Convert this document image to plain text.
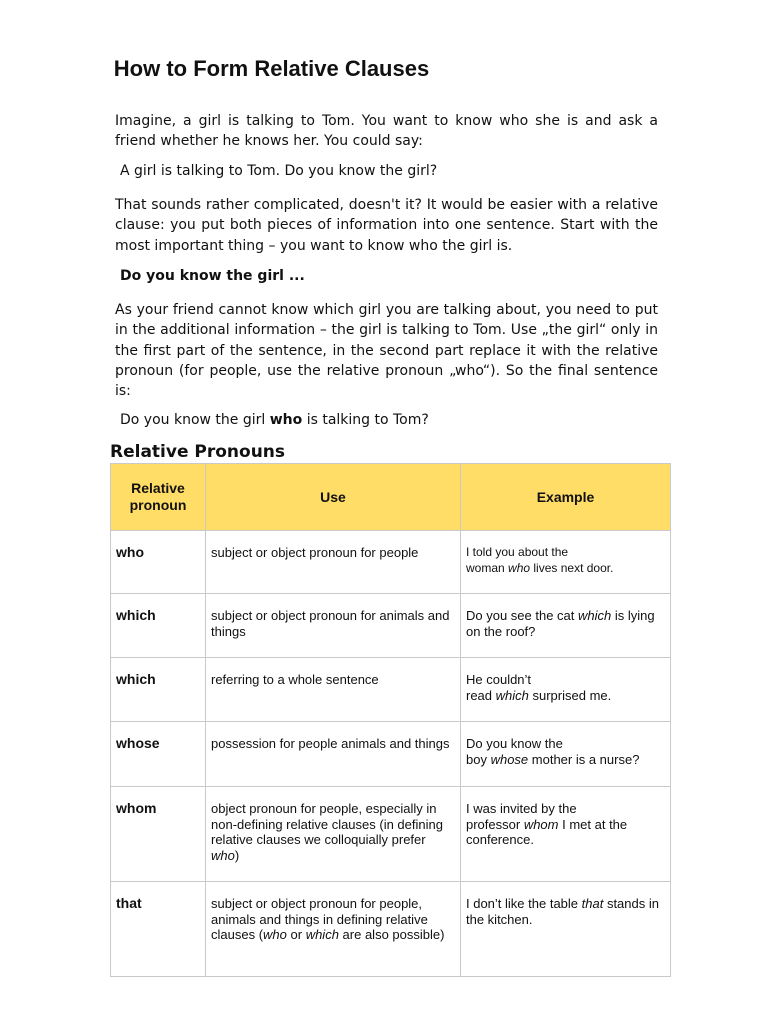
How to Form Relative Clauses

Imagine, a girl is talking to Tom. You want to know who she is and ask a friend whether he knows her. You could say:

A girl is talking to Tom. Do you know the girl?

That sounds rather complicated, doesn't it? It would be easier with a relative clause: you put both pieces of information into one sentence. Start with the most important thing – you want to know who the girl is.

Do you know the girl ...

As your friend cannot know which girl you are talking about, you need to put in the additional information – the girl is talking to Tom. Use „the girl“ only in the first part of the sentence, in the second part replace it with the relative pronoun (for people, use the relative pronoun „who“). So the final sentence is:

Do you know the girl who is talking to Tom?

Relative Pronouns
Relative pronoun	Use	Example
who	subject or object pronoun for people	I told you about the
woman who lives next door.
which	subject or object pronoun for animals and things	Do you see the cat which is lying on the roof?
which	referring to a whole sentence	He couldn’t
read which surprised me.
whose	possession for people animals and things	Do you know the
boy whose mother is a nurse?
whom	object pronoun for people, especially in non-defining relative clauses (in defining relative clauses we colloquially prefer who)	I was invited by the
professor whom I met at the conference.
that	subject or object pronoun for people, animals and things in defining relative clauses (who or which are also possible)	I don’t like the table that stands in the kitchen.
